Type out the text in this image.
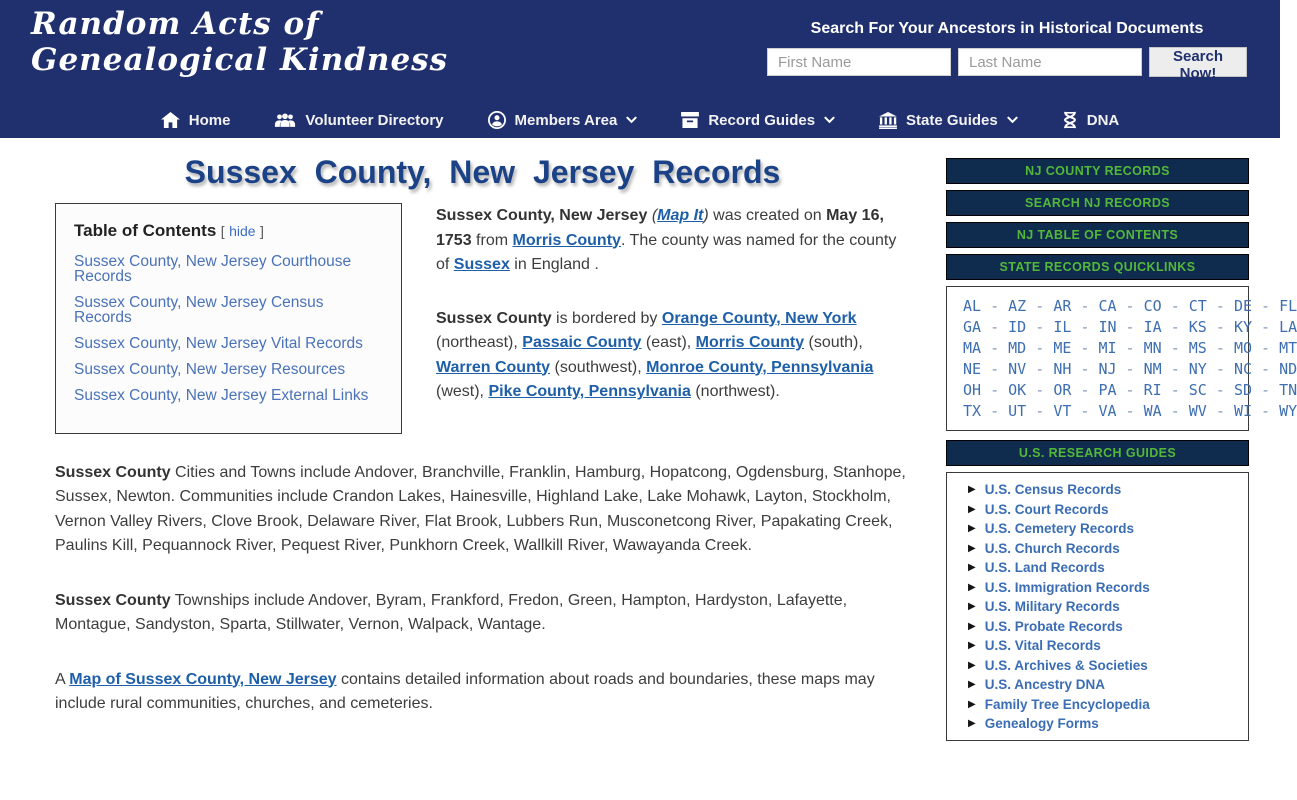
Random Acts of
Genealogical Kindness
Search For Your Ancestors in Historical Documents
First Name
Last Name
Search Now!
Home	Volunteer Directory	Members Area	Record Guides	State Guides	DNA
Sussex County, New Jersey Records
Table of Contents [ hide ]
Sussex County, New Jersey Courthouse Records
Sussex County, New Jersey Census Records
Sussex County, New Jersey Vital Records
Sussex County, New Jersey Resources
Sussex County, New Jersey External Links

Sussex County, New Jersey (Map It) was created on May 16, 1753 from Morris County. The county was named for the county of Sussex in England .

Sussex County is bordered by Orange County, New York (northeast), Passaic County (east), Morris County (south), Warren County (southwest), Monroe County, Pennsylvania (west), Pike County, Pennsylvania (northwest).

Sussex County Cities and Towns include Andover, Branchville, Franklin, Hamburg, Hopatcong, Ogdensburg, Stanhope, Sussex, Newton. Communities include Crandon Lakes, Hainesville, Highland Lake, Lake Mohawk, Layton, Stockholm, Vernon Valley Rivers, Clove Brook, Delaware River, Flat Brook, Lubbers Run, Musconetcong River, Papakating Creek, Paulins Kill, Pequannock River, Pequest River, Punkhorn Creek, Wallkill River, Wawayanda Creek.

Sussex County Townships include Andover, Byram, Frankford, Fredon, Green, Hampton, Hardyston, Lafayette, Montague, Sandyston, Sparta, Stillwater, Vernon, Walpack, Wantage.

A Map of Sussex County, New Jersey contains detailed information about roads and boundaries, these maps may include rural communities, churches, and cemeteries.

NJ COUNTY RECORDS
SEARCH NJ RECORDS
NJ TABLE OF CONTENTS
STATE RECORDS QUICKLINKS
AL - AZ - AR - CA - CO - CT - DE - FL
GA - ID - IL - IN - IA - KS - KY - LA
MA - MD - ME - MI - MN - MS - MO - MT
NE - NV - NH - NJ - NM - NY - NC - ND
OH - OK - OR - PA - RI - SC - SD - TN
TX - UT - VT - VA - WA - WV - WI - WY
U.S. RESEARCH GUIDES
▶ U.S. Census Records
▶ U.S. Court Records
▶ U.S. Cemetery Records
▶ U.S. Church Records
▶ U.S. Land Records
▶ U.S. Immigration Records
▶ U.S. Military Records
▶ U.S. Probate Records
▶ U.S. Vital Records
▶ U.S. Archives & Societies
▶ U.S. Ancestry DNA
▶ Family Tree Encyclopedia
▶ Genealogy Forms
